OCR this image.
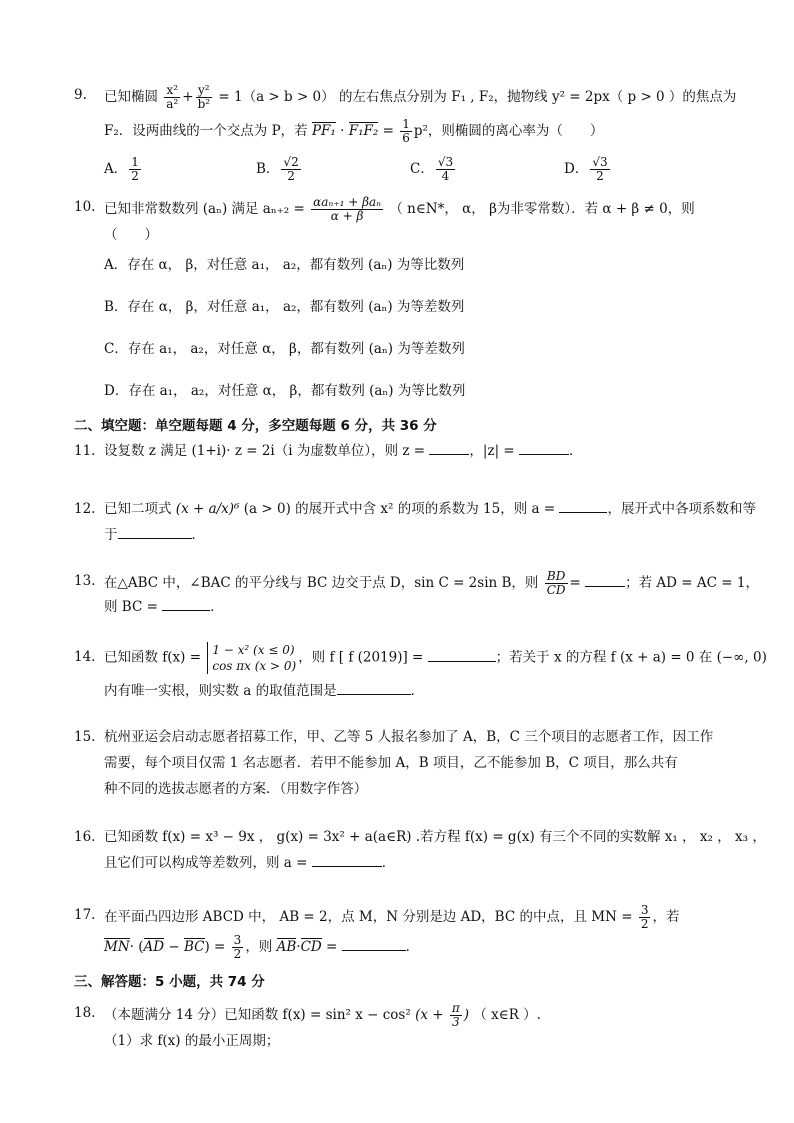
9.	已知椭圆 $\frac{\text{x²}}{\text{a²}} + \frac{\text{y²}}{\text{b²}} = 1(a > b > 0)$ 的左右焦点分别为 F₁ , F₂，抛物线 y² = 2px（ p > 0 ）的焦点为
F₂．设两曲线的一个交点为 P，若 $PF_1 \cdot F_1F_2 = \frac{1}{6} p^2$，则椭圆的离心率为（　　）
A． $\frac{1}{2}$	B． $\frac{√2}{2}$	C． $\frac{√3}{4}$	D． $\frac{√3}{2}$
10. 已知非常数数列 (aₙ) 满足 $a_{n+2} = \frac{\text{αaₙ₊₁ + βaₙ}}{\alpha + \beta}$ （ n∈N*， α， β为非零常数）．若 α + β ≠ 0，则
（　　）
A．存在 α， β，对任意 a₁， a₂，都有数列 (aₙ) 为等比数列
B．存在 α， β，对任意 a₁， a₂，都有数列 (aₙ) 为等差数列
C．存在 a₁， a₂，对任意 α， β，都有数列 (aₙ) 为等差数列
D．存在 a₁， a₂，对任意 α， β，都有数列 (aₙ) 为等比数列
二、填空题：单空题每题 4 分，多空题每题 6 分，共 36 分
11. 设复数 z 满足 (1+i)· z = 2i（i 为虚数单位），则 z =	，|z| =	．
12. 已知二项式 (x + a/x)⁶ (a > 0) 的展开式中含 x² 的项的系数为 15，则 a =	，展开式中各项系数和等
于	．
13. 在△ABC 中，∠BAC 的平分线与 BC 边交于点 D，sin C = 2sin B，则 $\frac{BD}{CD}$ =	；若 AD = AC = 1，
则 BC =	．
14. 已知函数 f(x) = 1 − x² (x ≤ 0)
cos πx (x > 0)
，则 f [ f (2019)] =	；若关于 x 的方程 f (x + a) = 0 在 (−∞, 0)
内有唯一实根，则实数 a 的取值范围是	．
15. 杭州亚运会启动志愿者招募工作，甲、乙等 5 人报名参加了 A，B，C 三个项目的志愿者工作，因工作
需要，每个项目仅需 1 名志愿者．若甲不能参加 A，B 项目，乙不能参加 B，C 项目，那么共有
种不同的选拔志愿者的方案．（用数字作答）
16. 已知函数 f(x) = x³ − 9x ， g(x) = 3x² + a(a∈R) .若方程 f(x) = g(x) 有三个不同的实数解 x₁ ， x₂ ， x₃ ，
且它们可以构成等差数列，则 a =	．
17. 在平面凸四边形 ABCD 中， AB = 2，点 M，N 分别是边 AD，BC 的中点，且 MN = $\frac{3}{2}$ ，若
$MN\cdot (AD - BC) = \frac{3}{2}$ ，则 AB·CD =	．
三、解答题：5 小题，共 74 分
18. （本题满分 14 分）已知函数 f(x) = sin² x − cos² ($x + \frac{\pi}{3}$ ) （ x∈R ）.
（1）求 f(x) 的最小正周期；
